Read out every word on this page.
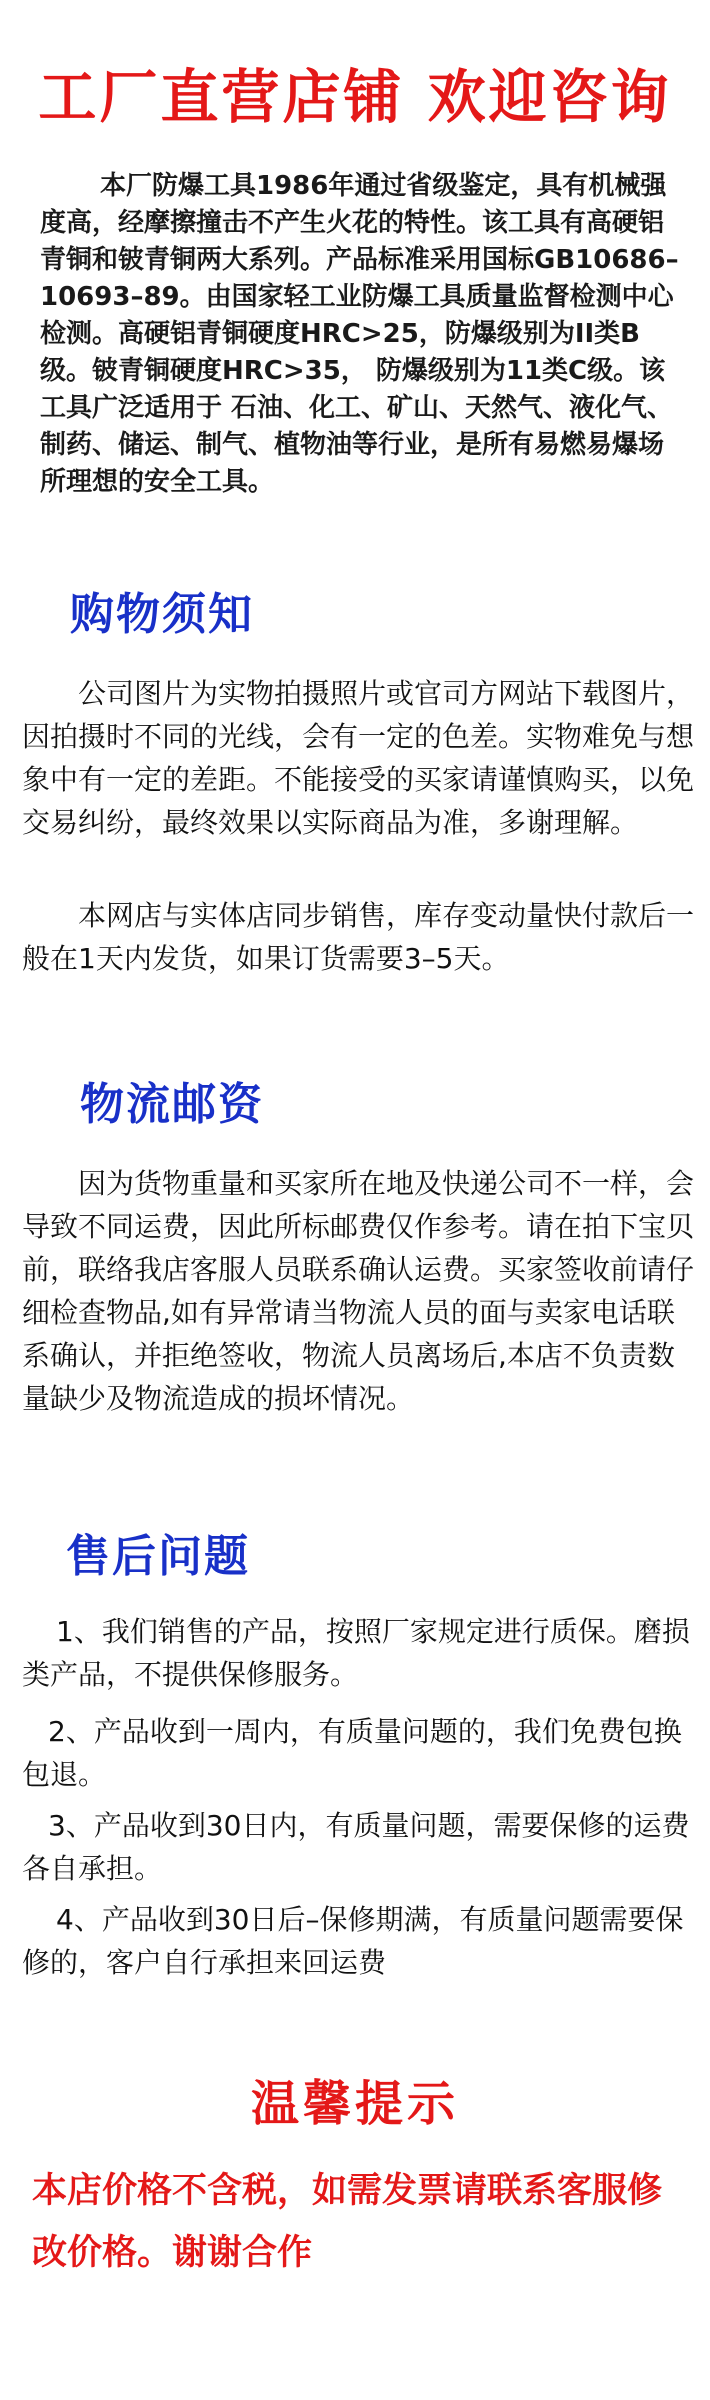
工厂直营店铺 欢迎咨询
本厂防爆工具1986年通过省级鉴定，具有机械强度高，经摩擦撞击不产生火花的特性。该工具有高硬铝青铜和铍青铜两大系列。产品标准采用国标GB10686–10693–89。由国家轻工业防爆工具质量监督检测中心检测。高硬铝青铜硬度HRC>25，防爆级别为II类B级。铍青铜硬度HRC>35， 防爆级别为11类C级。该工具广泛适用于 石油、化工、矿山、天然气、液化气、制药、储运、制气、植物油等行业，是所有易燃易爆场所理想的安全工具。
购物须知
公司图片为实物拍摄照片或官司方网站下载图片，因拍摄时不同的光线，会有一定的色差。实物难免与想象中有一定的差距。不能接受的买家请谨慎购买，以免交易纠纷，最终效果以实际商品为准，多谢理解。
本网店与实体店同步销售，库存变动量快付款后一般在1天内发货，如果订货需要3–5天。
物流邮资
因为货物重量和买家所在地及快递公司不一样，会导致不同运费，因此所标邮费仅作参考。请在拍下宝贝前，联络我店客服人员联系确认运费。买家签收前请仔细检查物品,如有异常请当物流人员的面与卖家电话联系确认，并拒绝签收，物流人员离场后,本店不负责数量缺少及物流造成的损坏情况。
售后问题
1、我们销售的产品，按照厂家规定进行质保。磨损类产品，不提供保修服务。
2、产品收到一周内，有质量问题的，我们免费包换 包退。
3、产品收到30日内，有质量问题，需要保修的运费各自承担。
4、产品收到30日后–保修期满，有质量问题需要保修的，客户自行承担来回运费
温馨提示
本店价格不含税，如需发票请联系客服修改价格。谢谢合作
